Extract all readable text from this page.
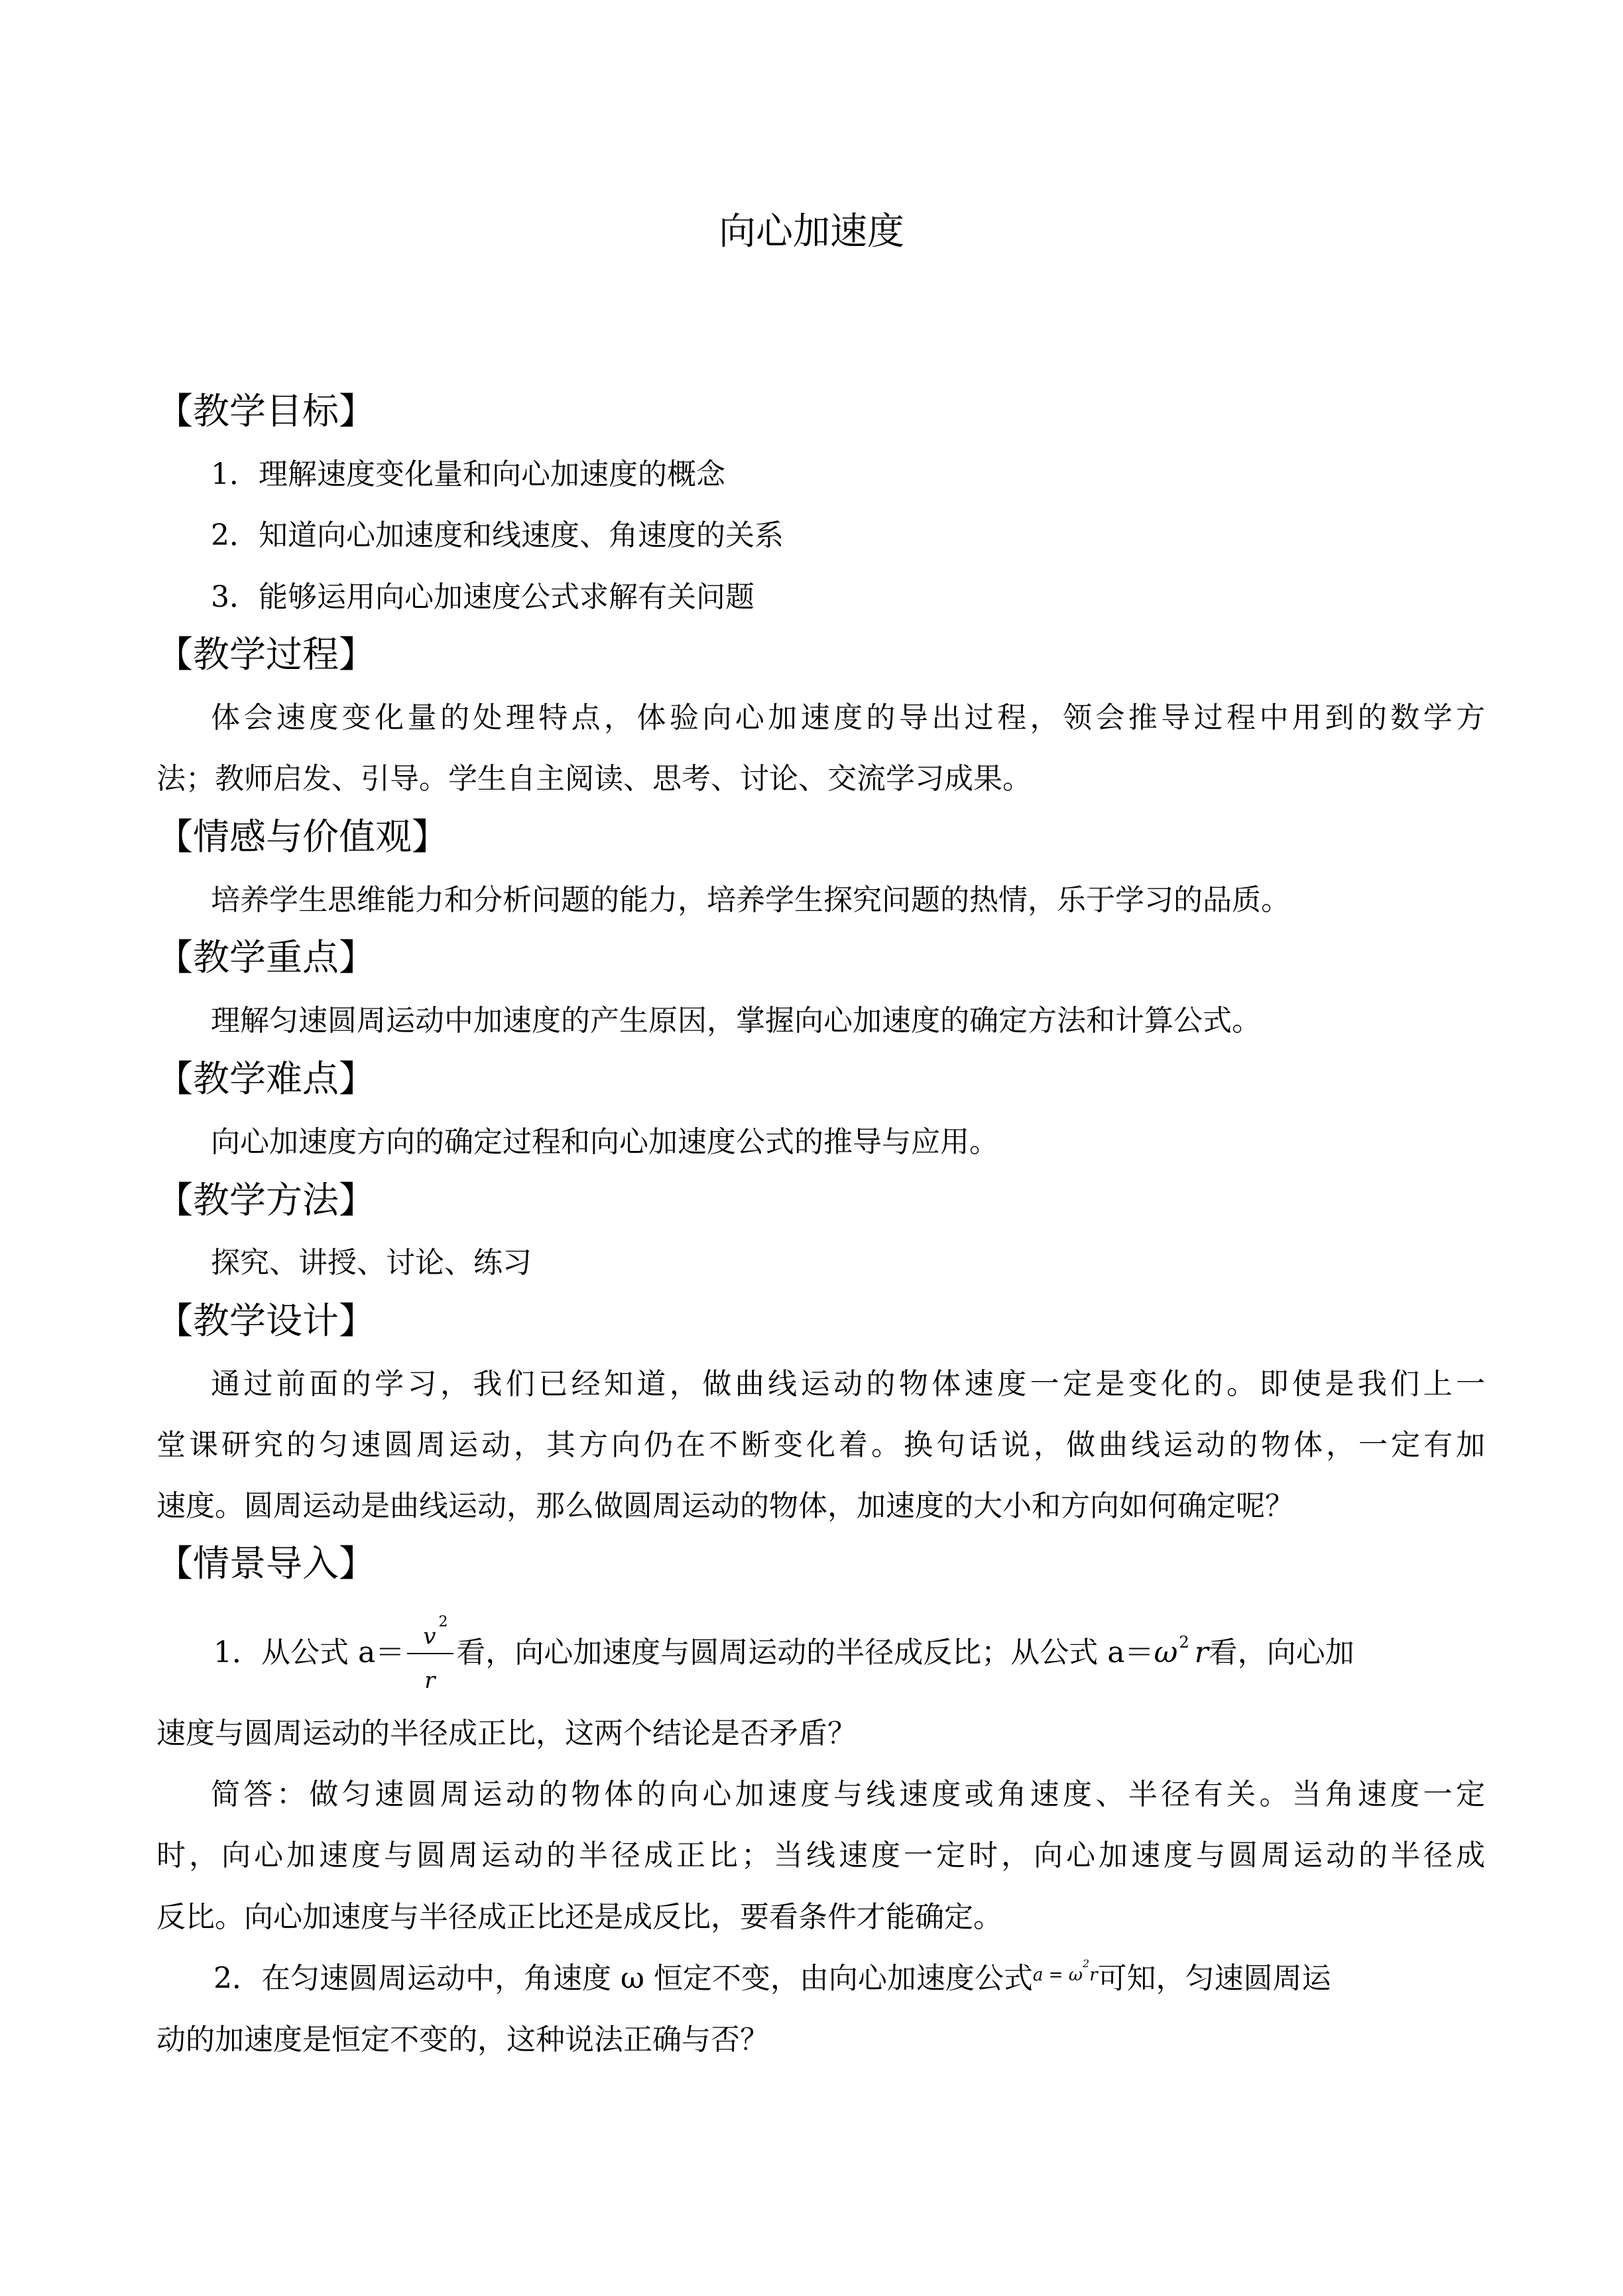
向心加速度
【教学目标】
1．理解速度变化量和向心加速度的概念
2．知道向心加速度和线速度、角速度的关系
3．能够运用向心加速度公式求解有关问题
【教学过程】
体会速度变化量的处理特点，体验向心加速度的导出过程，领会推导过程中用到的数学方
法；教师启发、引导。学生自主阅读、思考、讨论、交流学习成果。
【情感与价值观】
培养学生思维能力和分析问题的能力，培养学生探究问题的热情，乐于学习的品质。
【教学重点】
理解匀速圆周运动中加速度的产生原因，掌握向心加速度的确定方法和计算公式。
【教学难点】
向心加速度方向的确定过程和向心加速度公式的推导与应用。
【教学方法】
探究、讲授、讨论、练习
【教学设计】
通过前面的学习，我们已经知道，做曲线运动的物体速度一定是变化的。即使是我们上一
堂课研究的匀速圆周运动，其方向仍在不断变化着。换句话说，做曲线运动的物体，一定有加
速度。圆周运动是曲线运动，那么做圆周运动的物体，加速度的大小和方向如何确定呢？
【情景导入】
1．从公式 $a= \frac{v^2}{r}$ 看，向心加速度与圆周运动的半径成反比；从公式 $a=\omega^2$ r看，向心加
速度与圆周运动的半径成正比，这两个结论是否矛盾？
简答：做匀速圆周运动的物体的向心加速度与线速度或角速度、半径有关。当角速度一定
时，向心加速度与圆周运动的半径成正比；当线速度一定时，向心加速度与圆周运动的半径成
反比。向心加速度与半径成正比还是成反比，要看条件才能确定。
2．在匀速圆周运动中，角速度 ω 恒定不变，由向心加速度公式$^{a = \omega^2r}$可知，匀速圆周运
动的加速度是恒定不变的，这种说法正确与否？
